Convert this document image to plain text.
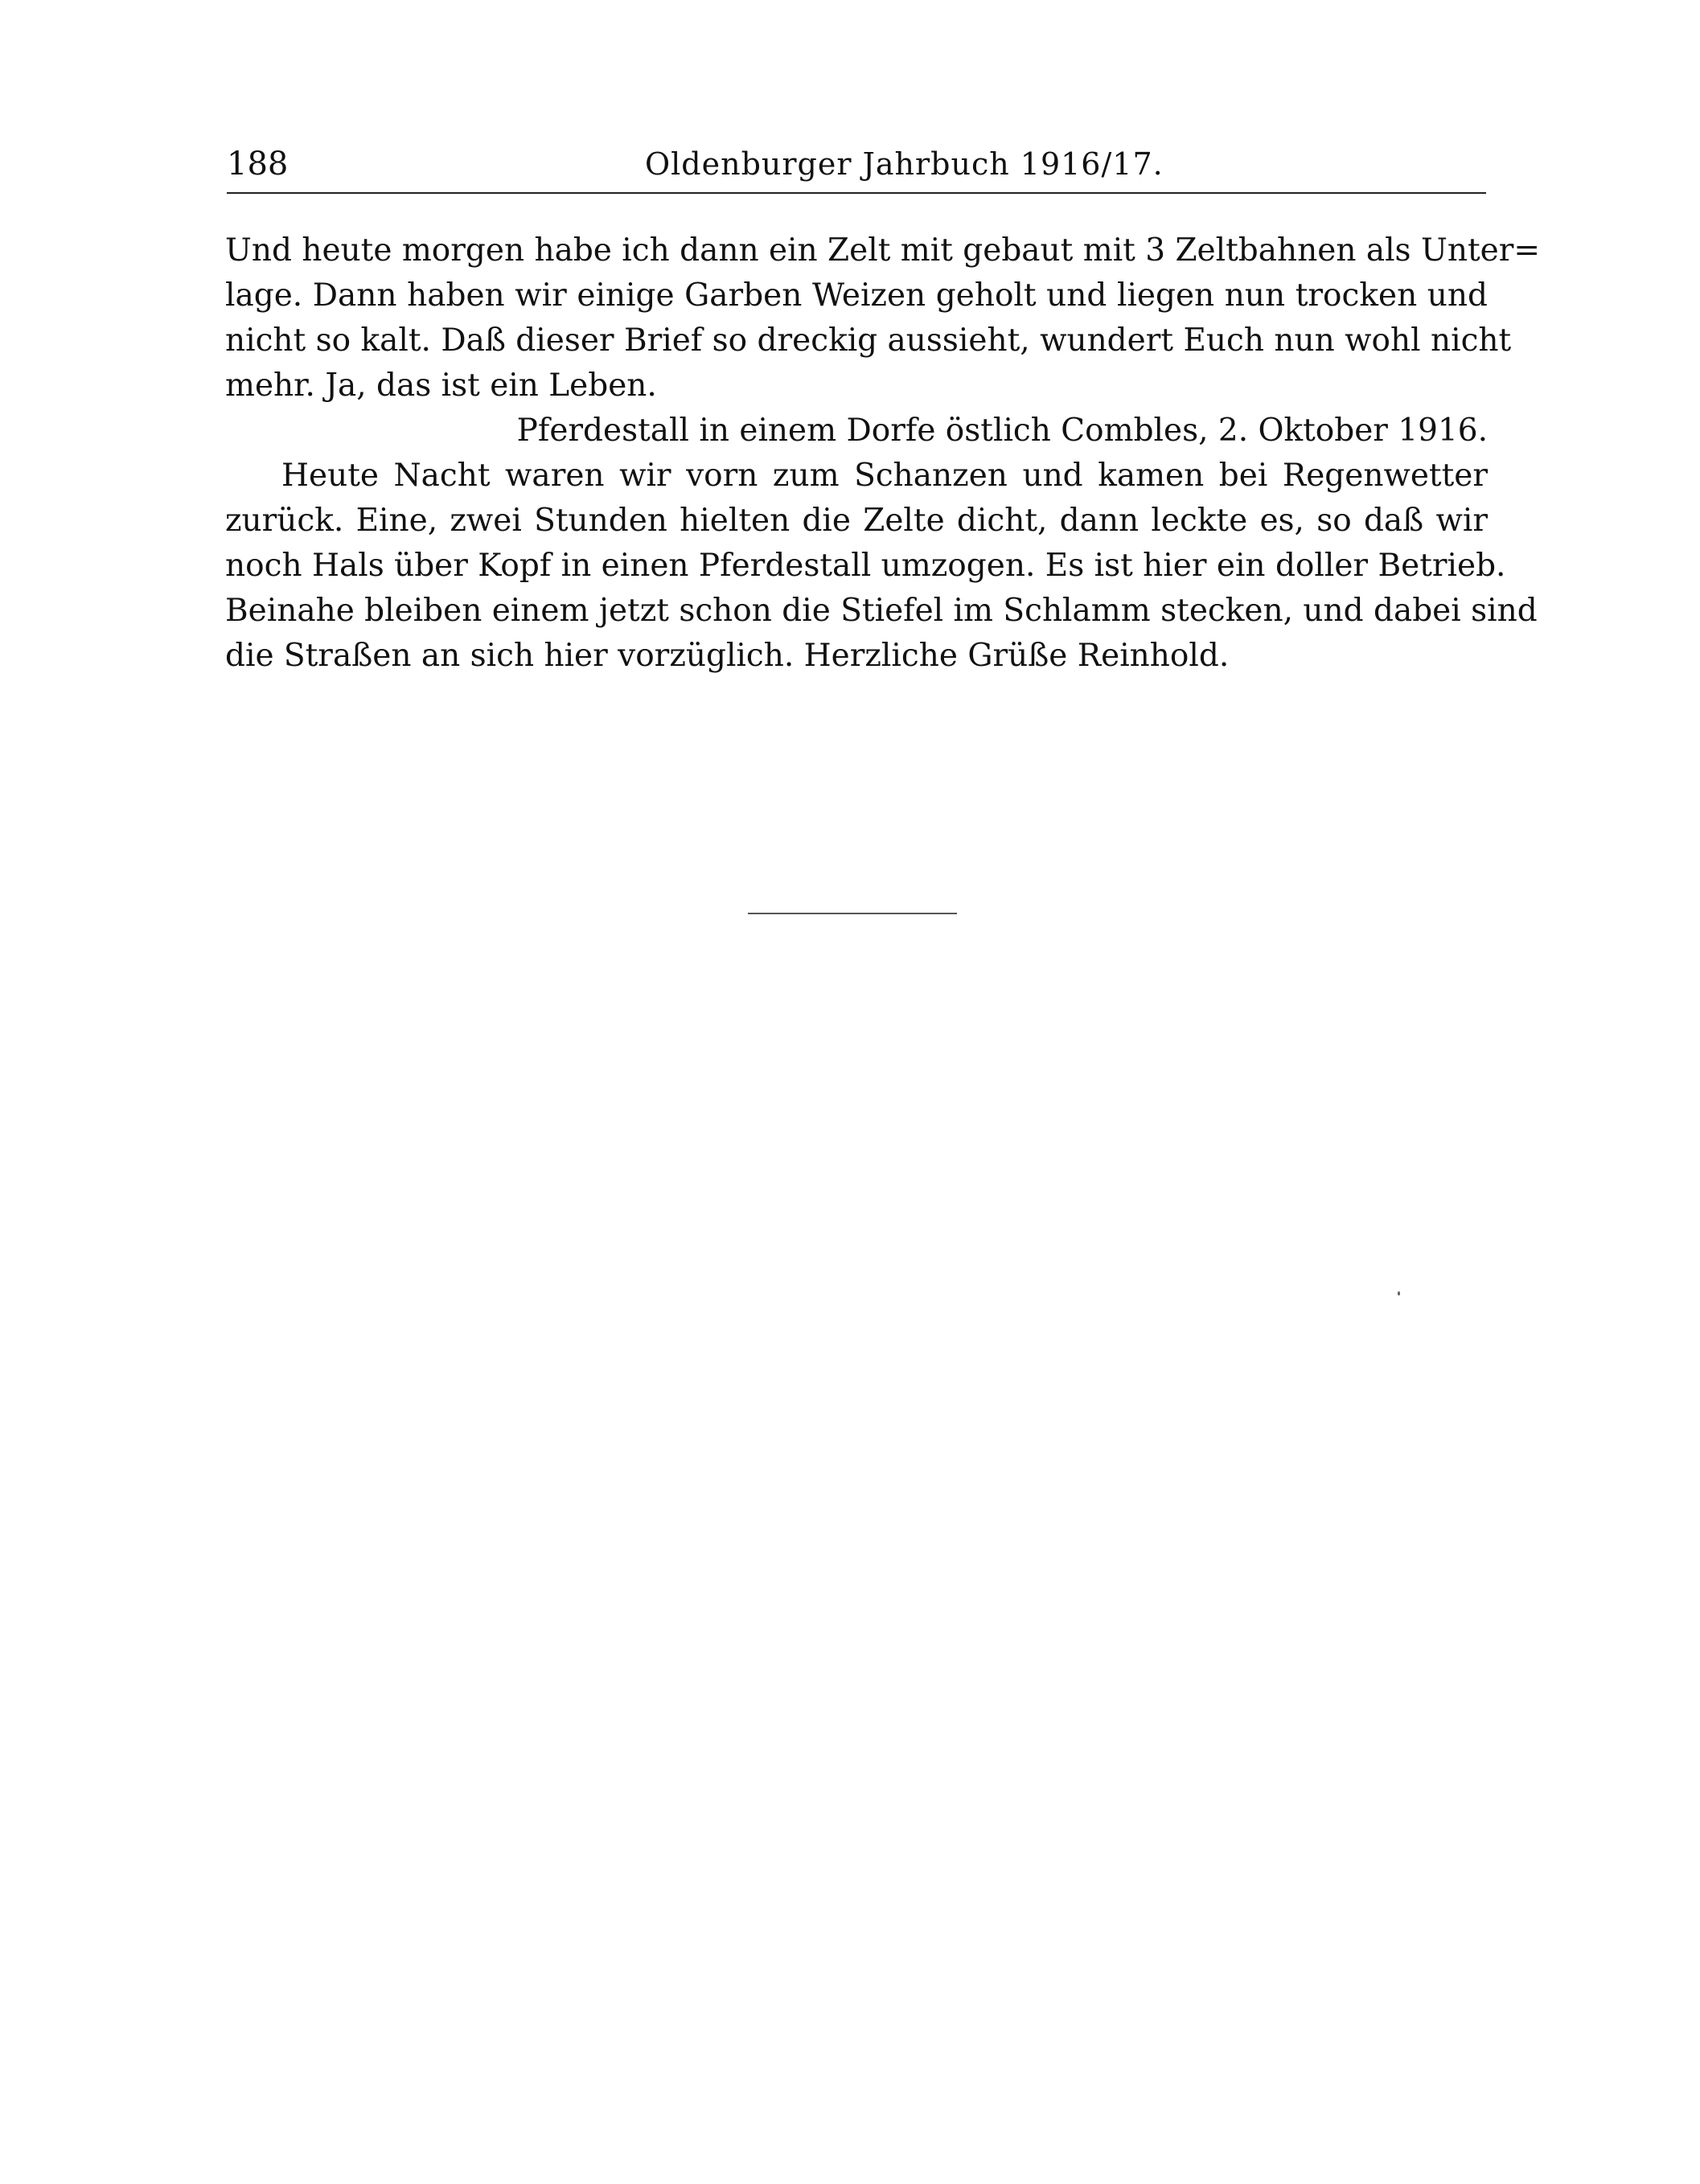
188	Oldenburger Jahrbuch 1916/17.
Und heute morgen habe ich dann ein Zelt mit gebaut mit 3 Zeltbahnen als Unter=
lage. Dann haben wir einige Garben Weizen geholt und liegen nun trocken und
nicht so kalt. Daß dieser Brief so dreckig aussieht, wundert Euch nun wohl nicht
mehr. Ja, das ist ein Leben.
Pferdestall in einem Dorfe östlich Combles, 2. Oktober 1916.
Heute Nacht waren wir vorn zum Schanzen und kamen bei Regenwetter
zurück. Eine, zwei Stunden hielten die Zelte dicht, dann leckte es, so daß wir
noch Hals über Kopf in einen Pferdestall umzogen. Es ist hier ein doller Betrieb.
Beinahe bleiben einem jetzt schon die Stiefel im Schlamm stecken, und dabei sind
die Straßen an sich hier vorzüglich. Herzliche Grüße Reinhold.
